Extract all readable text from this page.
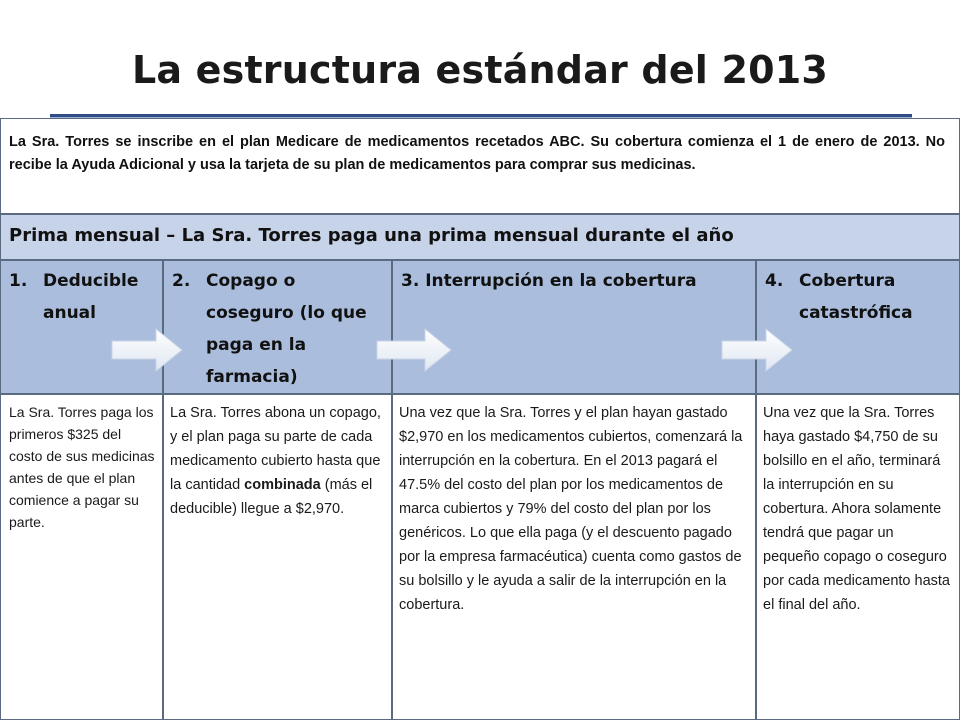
La estructura estándar del 2013
La Sra. Torres se inscribe en el plan Medicare de medicamentos recetados ABC. Su cobertura comienza el 1 de enero de 2013. No recibe la Ayuda Adicional y usa la tarjeta de su plan de medicamentos para comprar sus medicinas.
Prima mensual – La Sra. Torres paga una prima mensual durante el año
1. Deducible anual
2. Copago o coseguro (lo que paga en la farmacia)
3. Interrupción en la cobertura	4. Cobertura catastrófica
La Sra. Torres paga los primeros $325 del costo de sus medicinas antes de que el plan comience a pagar su parte.
La Sra. Torres abona un copago, y el plan paga su parte de cada medicamento cubierto hasta que la cantidad combinada (más el deducible) llegue a $2,970.
Una vez que la Sra. Torres y el plan hayan gastado $2,970 en los medicamentos cubiertos, comenzará la interrupción en la cobertura. En el 2013 pagará el 47.5% del costo del plan por los medicamentos de marca cubiertos y 79% del costo del plan por los genéricos. Lo que ella paga (y el descuento pagado por la empresa farmacéutica) cuenta como gastos de su bolsillo y le ayuda a salir de la interrupción en la cobertura.
Una vez que la Sra. Torres haya gastado $4,750 de su bolsillo en el año, terminará la interrupción en su cobertura. Ahora solamente tendrá que pagar un pequeño copago o coseguro por cada medicamento hasta el final del año.
